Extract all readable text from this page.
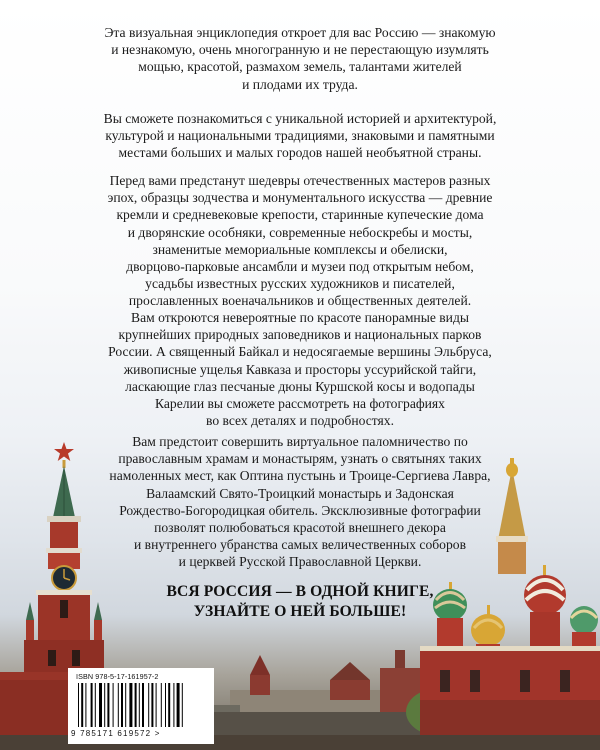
Эта визуальная энциклопедия откроет для вас Россию — знакомую
и незнакомую, очень многогранную и не перестающую изумлять
мощью, красотой, размахом земель, талантами жителей
и плодами их труда.
Вы сможете познакомиться с уникальной историей и архитектурой,
культурой и национальными традициями, знаковыми и памятными
местами больших и малых городов нашей необъятной страны.
Перед вами предстанут шедевры отечественных мастеров разных
эпох, образцы зодчества и монументального искусства — древние
кремли и средневековые крепости, старинные купеческие дома
и дворянские особняки, современные небоскребы и мосты,
знаменитые мемориальные комплексы и обелиски,
дворцово-парковые ансамбли и музеи под открытым небом,
усадьбы известных русских художников и писателей,
прославленных военачальников и общественных деятелей.
Вам откроются невероятные по красоте панорамные виды
крупнейших природных заповедников и национальных парков
России. А священный Байкал и недосягаемые вершины Эльбруса,
живописные ущелья Кавказа и просторы уссурийской тайги,
ласкающие глаз песчаные дюны Куршской косы и водопады
Карелии вы сможете рассмотреть на фотографиях
во всех деталях и подробностях.
Вам предстоит совершить виртуальное паломничество по
православным храмам и монастырям, узнать о святынях таких
намоленных мест, как Оптина пустынь и Троице-Сергиева Лавра,
Валаамский Свято-Троицкий монастырь и Задонская
Рождество-Богородицкая обитель. Эксклюзивные фотографии
позволят полюбоваться красотой внешнего декора
и внутреннего убранства самых величественных соборов
и церквей Русской Православной Церкви.
ВСЯ РОССИЯ — В ОДНОЙ КНИГЕ,
УЗНАЙТЕ О НЕЙ БОЛЬШЕ!
ISBN 978-5-17-161957-2
9 785171 619572 >
